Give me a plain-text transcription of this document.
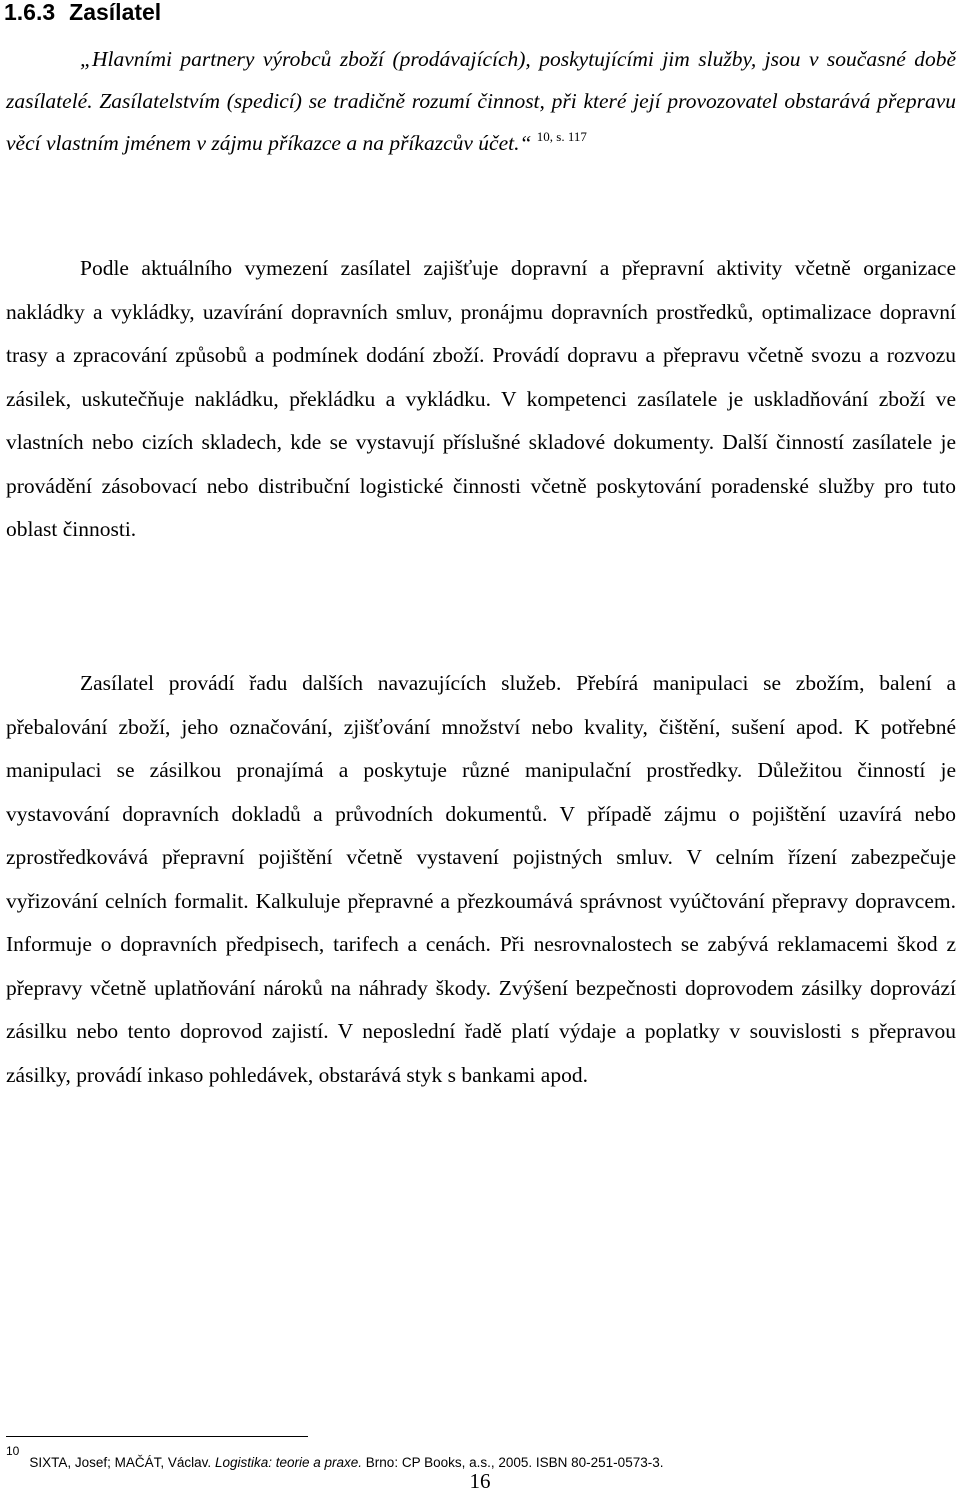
1.6.3 Zasílatel

„Hlavními partnery výrobců zboží (prodávajících), poskytujícími jim služby, jsou v současné době zasílatelé. Zasílatelstvím (spedicí) se tradičně rozumí činnost, při které její provozovatel obstarává přepravu věcí vlastním jménem v zájmu příkazce a na příkazcův účet.“ $^{10, s. 117}$

Podle aktuálního vymezení zasílatel zajišťuje dopravní a přepravní aktivity včetně organizace nakládky a vykládky, uzavírání dopravních smluv, pronájmu dopravních prostředků, optimalizace dopravní trasy a zpracování způsobů a podmínek dodání zboží. Provádí dopravu a přepravu včetně svozu a rozvozu zásilek, uskutečňuje nakládku, překládku a vykládku. V kompetenci zasílatele je uskladňování zboží ve vlastních nebo cizích skladech, kde se vystavují příslušné skladové dokumenty. Další činností zasílatele je provádění zásobovací nebo distribuční logistické činnosti včetně poskytování poradenské služby pro tuto oblast činnosti.

Zasílatel provádí řadu dalších navazujících služeb. Přebírá manipulaci se zbožím, balení a přebalování zboží, jeho označování, zjišťování množství nebo kvality, čištění, sušení apod. K potřebné manipulaci se zásilkou pronajímá a poskytuje různé manipulační prostředky. Důležitou činností je vystavování dopravních dokladů a průvodních dokumentů. V případě zájmu o pojištění uzavírá nebo zprostředkovává přepravní pojištění včetně vystavení pojistných smluv. V celním řízení zabezpečuje vyřizování celních formalit. Kalkuluje přepravné a přezkoumává správnost vyúčtování přepravy dopravcem. Informuje o dopravních předpisech, tarifech a cenách. Při nesrovnalostech se zabývá reklamacemi škod z přepravy včetně uplatňování nároků na náhrady škody. Zvýšení bezpečnosti doprovodem zásilky doprovází zásilku nebo tento doprovod zajistí. V neposlední řadě platí výdaje a poplatky v souvislosti s přepravou zásilky, provádí inkaso pohledávek, obstarává styk s bankami apod.

10SIXTA, Josef; MAČÁT, Václav. Logistika: teorie a praxe. Brno: CP Books, a.s., 2005. ISBN 80-251-0573-3.

16
